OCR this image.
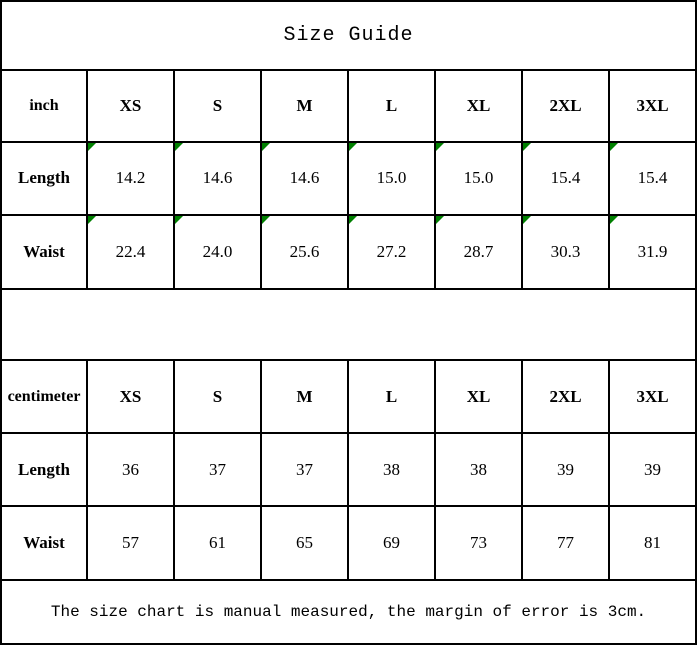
Size Guide							
inch	XS	S	M	L	XL	2XL	3XL
Length	14.2	14.6	14.6	15.0	15.0	15.4	15.4
Waist	22.4	24.0	25.6	27.2	28.7	30.3	31.9

centimeter	XS	S	M	L	XL	2XL	3XL
Length	36	37	37	38	38	39	39
Waist	57	61	65	69	73	77	81
The size chart is manual measured, the margin of error is 3cm.							
